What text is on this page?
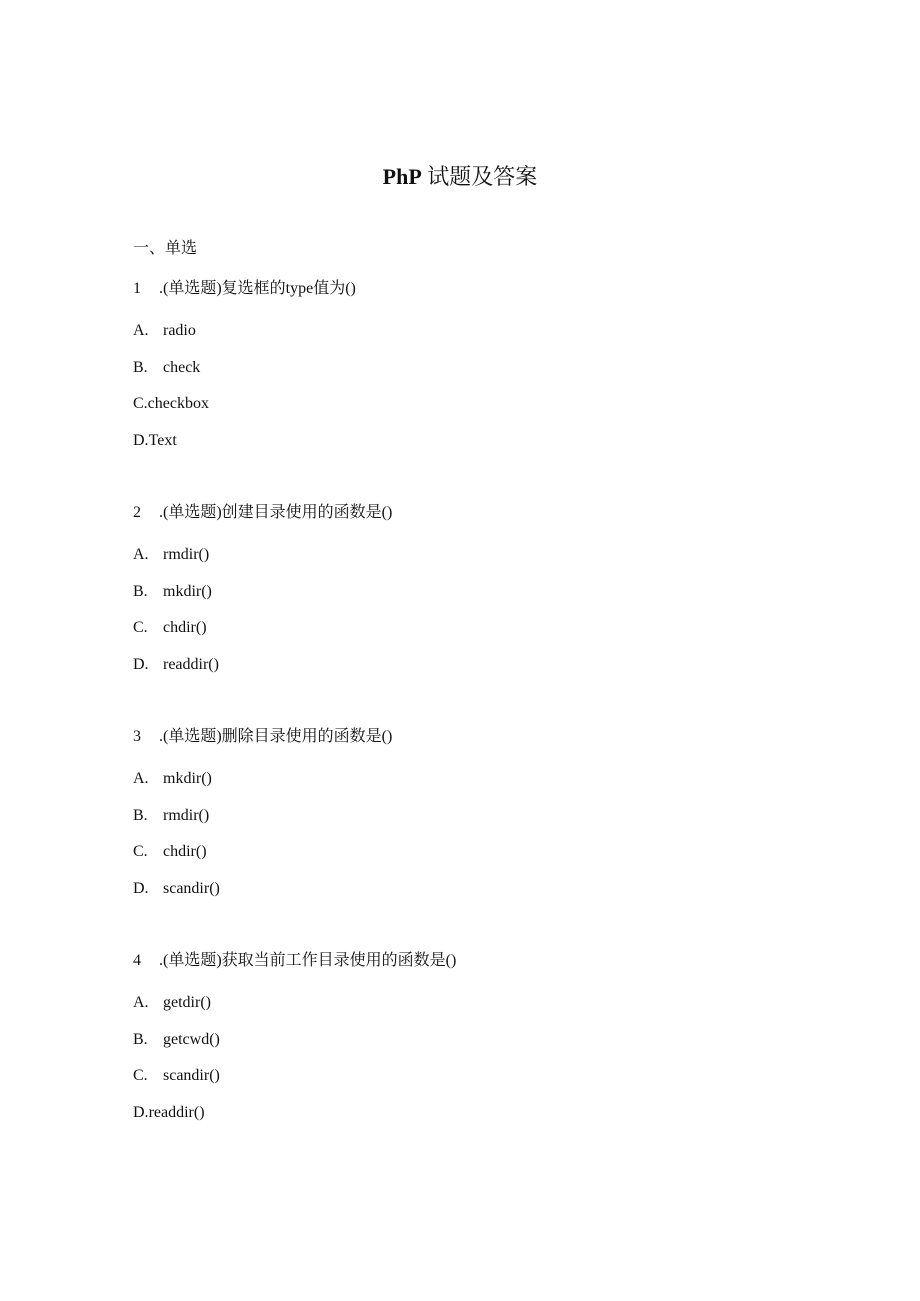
PhP 试题及答案
一、单选
1 .(单选题)复选框的type值为()
A. radio
B. check
C.checkbox
D.Text
2 .(单选题)创建目录使用的函数是()
A. rmdir()
B. mkdir()
C. chdir()
D. readdir()
3 .(单选题)删除目录使用的函数是()
A. mkdir()
B. rmdir()
C. chdir()
D. scandir()
4 .(单选题)获取当前工作目录使用的函数是()
A. getdir()
B. getcwd()
C. scandir()
D.readdir()
